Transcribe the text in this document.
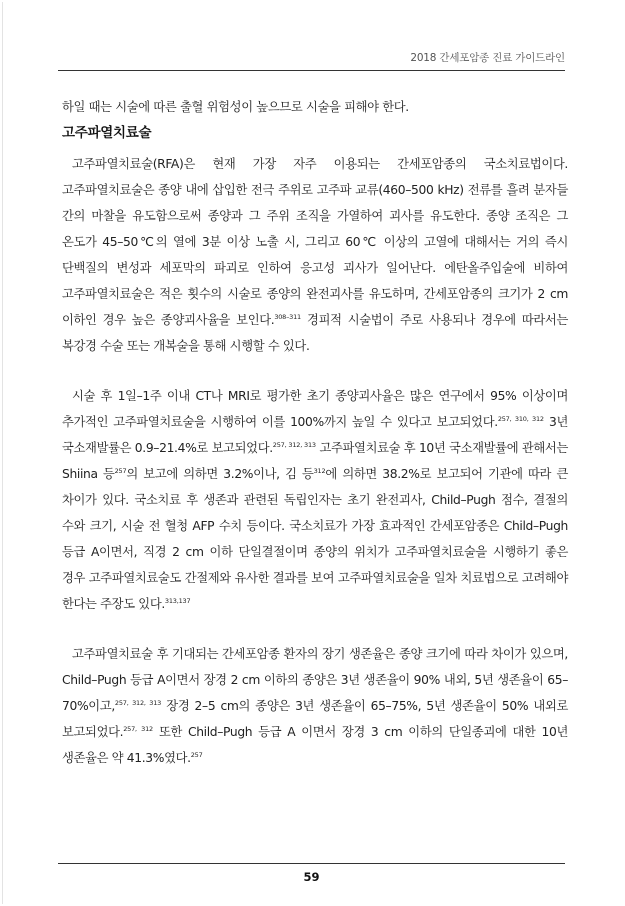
2018 간세포암종 진료 가이드라인

하일 때는 시술에 따른 출혈 위험성이 높으므로 시술을 피해야 한다.

고주파열치료술

고주파열치료술(RFA)은 현재 가장 자주 이용되는 간세포암종의 국소치료법이다. 고주파열치료술은 종양 내에 삽입한 전극 주위로 고주파 교류(460–500 kHz) 전류를 흘려 분자들 간의 마찰을 유도함으로써 종양과 그 주위 조직을 가열하여 괴사를 유도한다. 종양 조직은 그 온도가 45–50℃의 열에 3분 이상 노출 시, 그리고 60℃ 이상의 고열에 대해서는 거의 즉시 단백질의 변성과 세포막의 파괴로 인하여 응고성 괴사가 일어난다. 에탄올주입술에 비하여 고주파열치료술은 적은 횟수의 시술로 종양의 완전괴사를 유도하며, 간세포암종의 크기가 2 cm 이하인 경우 높은 종양괴사율을 보인다.$^{308-311}$ 경피적 시술법이 주로 사용되나 경우에 따라서는 복강경 수술 또는 개복술을 통해 시행할 수 있다.

시술 후 1일–1주 이내 CT나 MRI로 평가한 초기 종양괴사율은 많은 연구에서 95% 이상이며 추가적인 고주파열치료술을 시행하여 이를 100%까지 높일 수 있다고 보고되었다.$^{257, 310, 312}$ 3년 국소재발률은 0.9–21.4%로 보고되었다.$^{257, 312, 313}$ 고주파열치료술 후 10년 국소재발률에 관해서는 Shiina 등$^{257}$의 보고에 의하면 3.2%이나, 김 등$^{312}$에 의하면 38.2%로 보고되어 기관에 따라 큰 차이가 있다. 국소치료 후 생존과 관련된 독립인자는 초기 완전괴사, Child–Pugh 점수, 결절의 수와 크기, 시술 전 혈청 AFP 수치 등이다. 국소치료가 가장 효과적인 간세포암종은 Child–Pugh 등급 A이면서, 직경 2 cm 이하 단일결절이며 종양의 위치가 고주파열치료술을 시행하기 좋은 경우 고주파열치료술도 간절제와 유사한 결과를 보여 고주파열치료술을 일차 치료법으로 고려해야 한다는 주장도 있다.$^{313,137}$

고주파열치료술 후 기대되는 간세포암종 환자의 장기 생존율은 종양 크기에 따라 차이가 있으며, Child–Pugh 등급 A이면서 장경 2 cm 이하의 종양은 3년 생존율이 90% 내외, 5년 생존율이 65–70%이고,$^{257, 312, 313}$ 장경 2–5 cm의 종양은 3년 생존율이 65–75%, 5년 생존율이 50% 내외로 보고되었다.$^{257, 312}$ 또한 Child–Pugh 등급 A 이면서 장경 3 cm 이하의 단일종괴에 대한 10년 생존율은 약 41.3%였다.$^{257}$

59
